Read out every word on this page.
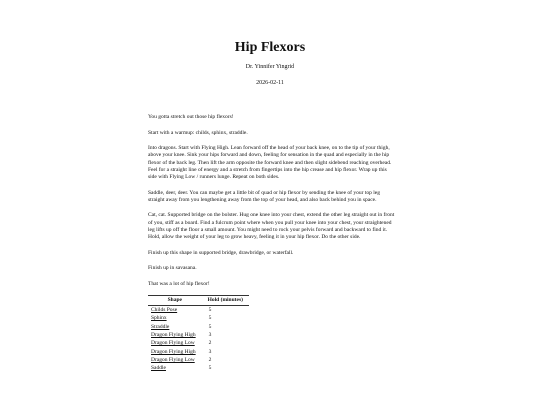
Hip Flexors
Dr. Yinnifer Yingrid
2026-02-11

You gotta stretch out those hip flexors!

Start with a warmup: childs, sphinx, straddle.

Into dragons. Start with Flying High. Lean forward off the head of your back knee, on to the tip of your thigh, above your knee. Sink your hips forward and down, feeling for sensation in the quad and especially in the hip flexor of the back leg. Then lift the arm opposite the forward knee and then slight sidebend reaching overhead. Feel for a straight line of energy and a stretch from fingertips into the hip crease and hip flexor. Wrap up this side with Flying Low / runners lunge. Repeat on both sides.

Saddle, deer, deer. You can maybe get a little bit of quad or hip flexor by sending the knee of your top leg straight away from you lengthening away from the top of your head, and also back behind you in space.

Cat, cat. Supported bridge on the bolster. Hug one knee into your chest, extend the other leg straight out in front of you, stiff as a board. Find a fulcrum point where when you pull your knee into your chest, your straightened leg lifts up off the floor a small amount. You might need to rock your pelvis forward and backward to find it. Hold, allow the weight of your leg to grow heavy, feeling it in your hip flexor. Do the other side.

Finish up this shape in supported bridge, drawbridge, or waterfall.

Finish up in savasana.

That was a lot of hip flexor!

Shape	Hold (minutes)
Childs Pose	5
Sphinx	5
Straddle	5
Dragon Flying High	3
Dragon Flying Low	2
Dragon Flying High	3
Dragon Flying Low	2
Saddle	5
